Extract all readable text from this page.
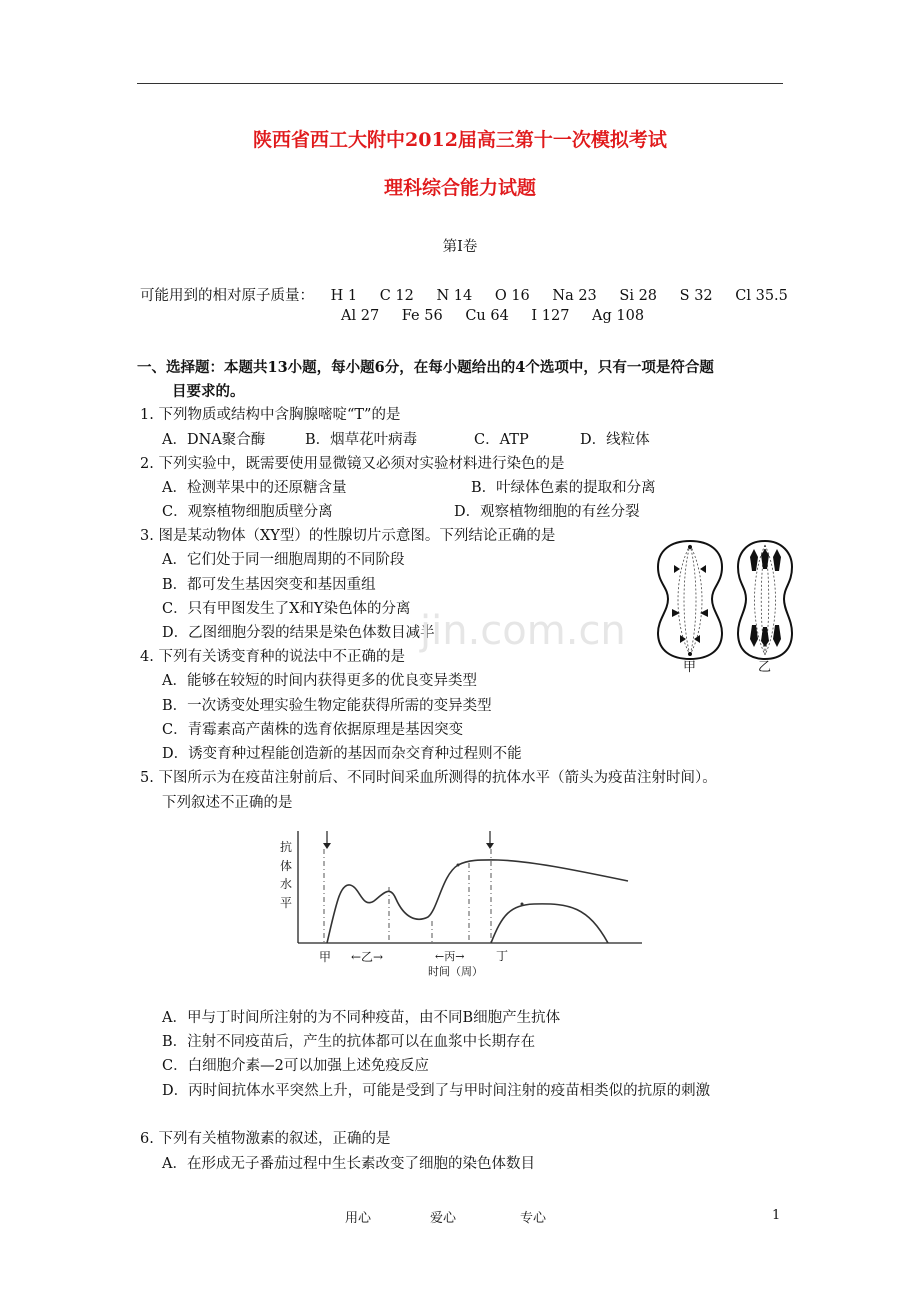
陕西省西工大附中2012届高三第十一次模拟考试
理科综合能力试题
第Ⅰ卷
可能用到的相对原子质量： H 1 C 12 N 14 O 16 Na 23 Si 28 S 32 Cl 35.5
Al 27 Fe 56 Cu 64 I 127 Ag 108
一、选择题：本题共13小题，每小题6分，在每小题给出的4个选项中，只有一项是符合题
目要求的。
1. 下列物质或结构中含胸腺嘧啶“T”的是
A．DNA聚合酶	B．烟草花叶病毒	C．ATP	D．线粒体
2. 下列实验中，既需要使用显微镜又必须对实验材料进行染色的是
A．检测苹果中的还原糖含量	B．叶绿体色素的提取和分离
C．观察植物细胞质壁分离	D．观察植物细胞的有丝分裂
3. 图是某动物体（XY型）的性腺切片示意图。下列结论正确的是
A．它们处于同一细胞周期的不同阶段
B．都可发生基因突变和基因重组
C．只有甲图发生了X和Y染色体的分离
D．乙图细胞分裂的结果是染色体数目减半
jin.com.cn
甲	乙
4. 下列有关诱变育种的说法中不正确的是
A．能够在较短的时间内获得更多的优良变异类型
B．一次诱变处理实验生物定能获得所需的变异类型
C．青霉素高产菌株的选育依据原理是基因突变
D．诱变育种过程能创造新的基因而杂交育种过程则不能
5. 下图所示为在疫苗注射前后、不同时间采血所测得的抗体水平（箭头为疫苗注射时间）。
下列叙述不正确的是
抗
体
水
平
甲 ←乙→	←丙→	丁
时间（周）
A．甲与丁时间所注射的为不同种疫苗，由不同B细胞产生抗体
B．注射不同疫苗后，产生的抗体都可以在血浆中长期存在
C．白细胞介素—2可以加强上述免疫反应
D．丙时间抗体水平突然上升，可能是受到了与甲时间注射的疫苗相类似的抗原的刺激
6. 下列有关植物激素的叙述，正确的是
A．在形成无子番茄过程中生长素改变了细胞的染色体数目
用心	爱心	专心	1
